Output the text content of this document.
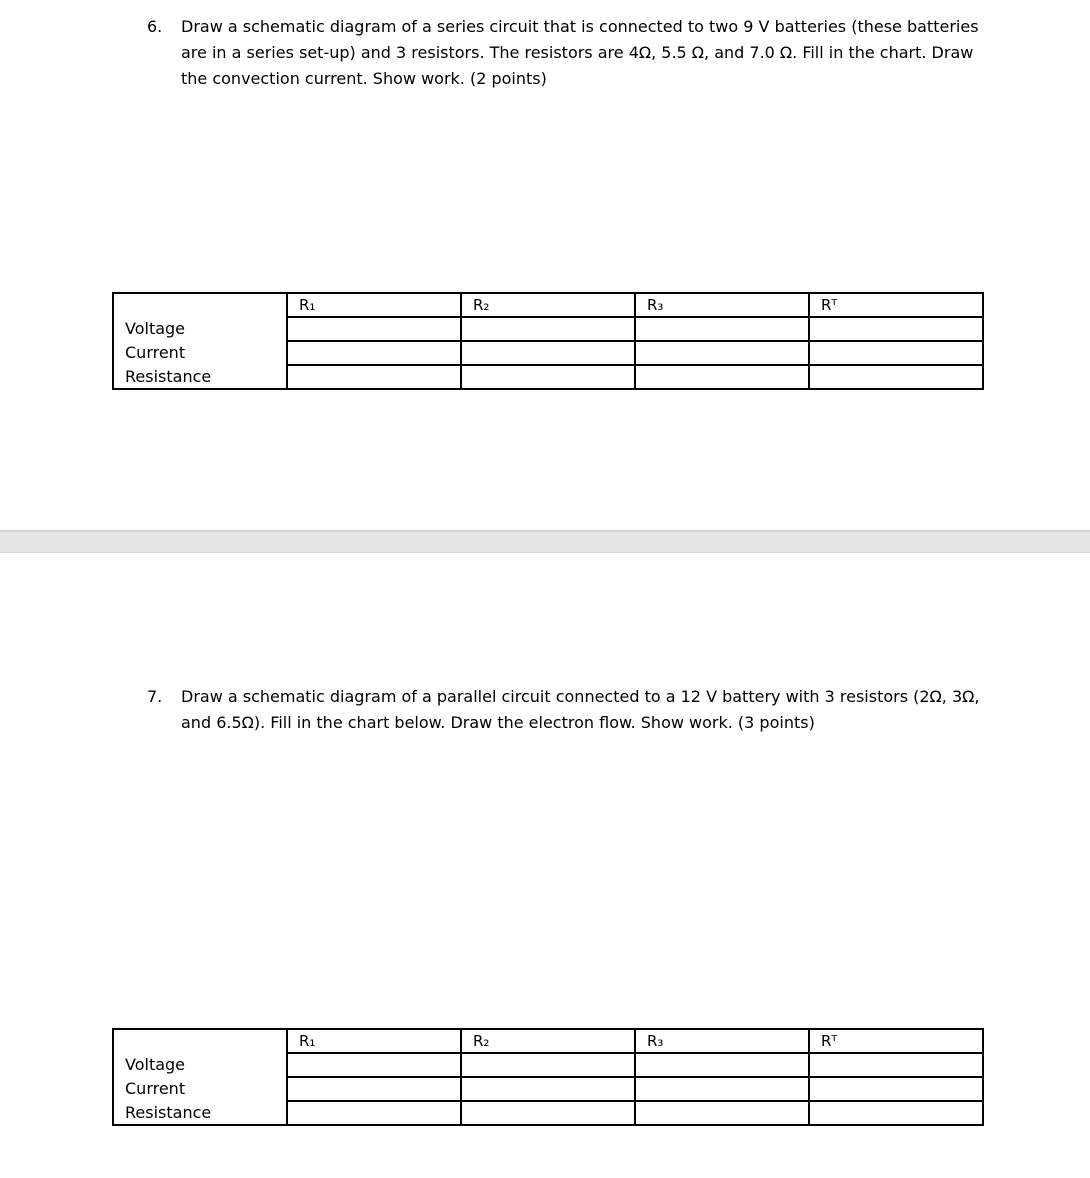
6. Draw a schematic diagram of a series circuit that is connected to two 9 V batteries (these batteries are in a series set-up) and 3 resistors. The resistors are 4Ω, 5.5 Ω, and 7.0 Ω. Fill in the chart. Draw the convection current. Show work. (2 points)
	R₁	R₂	R₃	Rᵀ
Voltage				
Current				
Resistance				
7. Draw a schematic diagram of a parallel circuit connected to a 12 V battery with 3 resistors (2Ω, 3Ω, and 6.5Ω). Fill in the chart below. Draw the electron flow. Show work. (3 points)
	R₁	R₂	R₃	Rᵀ
Voltage				
Current				
Resistance				
